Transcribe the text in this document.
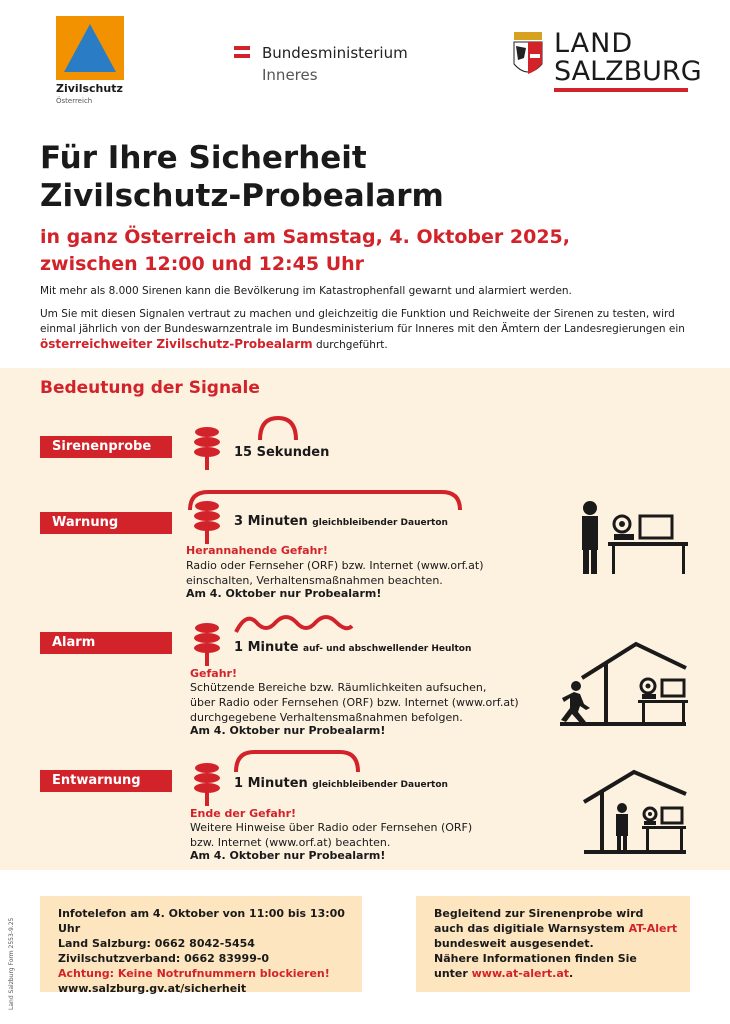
Zivilschutz
Österreich
Bundesministerium
Inneres
LAND
SALZBURG
Für Ihre Sicherheit
Zivilschutz-Probealarm
in ganz Österreich am Samstag, 4. Oktober 2025,
zwischen 12:00 und 12:45 Uhr
Mit mehr als 8.000 Sirenen kann die Bevölkerung im Katastrophenfall gewarnt und alarmiert werden.
Um Sie mit diesen Signalen vertraut zu machen und gleichzeitig die Funktion und Reichweite der Sirenen zu testen, wird einmal jährlich von der Bundeswarnzentrale im Bundesministerium für Inneres mit den Ämtern der Landesregierungen ein österreichweiter Zivilschutz-Probealarm durchgeführt.
Bedeutung der Signale
Sirenenprobe	15 Sekunden
Warnung	3 Minuten gleichbleibender Dauerton
Herannahende Gefahr!
Radio oder Fernseher (ORF) bzw. Internet (www.orf.at)
einschalten, Verhaltensmaßnahmen beachten.
Am 4. Oktober nur Probealarm!
Alarm	1 Minute auf- und abschwellender Heulton
Gefahr!
Schützende Bereiche bzw. Räumlichkeiten aufsuchen,
über Radio oder Fernsehen (ORF) bzw. Internet (www.orf.at)
durchgegebene Verhaltensmaßnahmen befolgen.
Am 4. Oktober nur Probealarm!
Entwarnung	1 Minuten gleichbleibender Dauerton
Ende der Gefahr!
Weitere Hinweise über Radio oder Fernsehen (ORF)
bzw. Internet (www.orf.at) beachten.
Am 4. Oktober nur Probealarm!
Land Salzburg Form 2553-9.25
Infotelefon am 4. Oktober von 11:00 bis 13:00 Uhr
Land Salzburg: 0662 8042-5454
Zivilschutzverband: 0662 83999-0
Achtung: Keine Notrufnummern blockieren!
www.salzburg.gv.at/sicherheit
Begleitend zur Sirenenprobe wird
auch das digitiale Warnsystem AT-Alert
bundesweit ausgesendet.
Nähere Informationen finden Sie
unter www.at-alert.at.
